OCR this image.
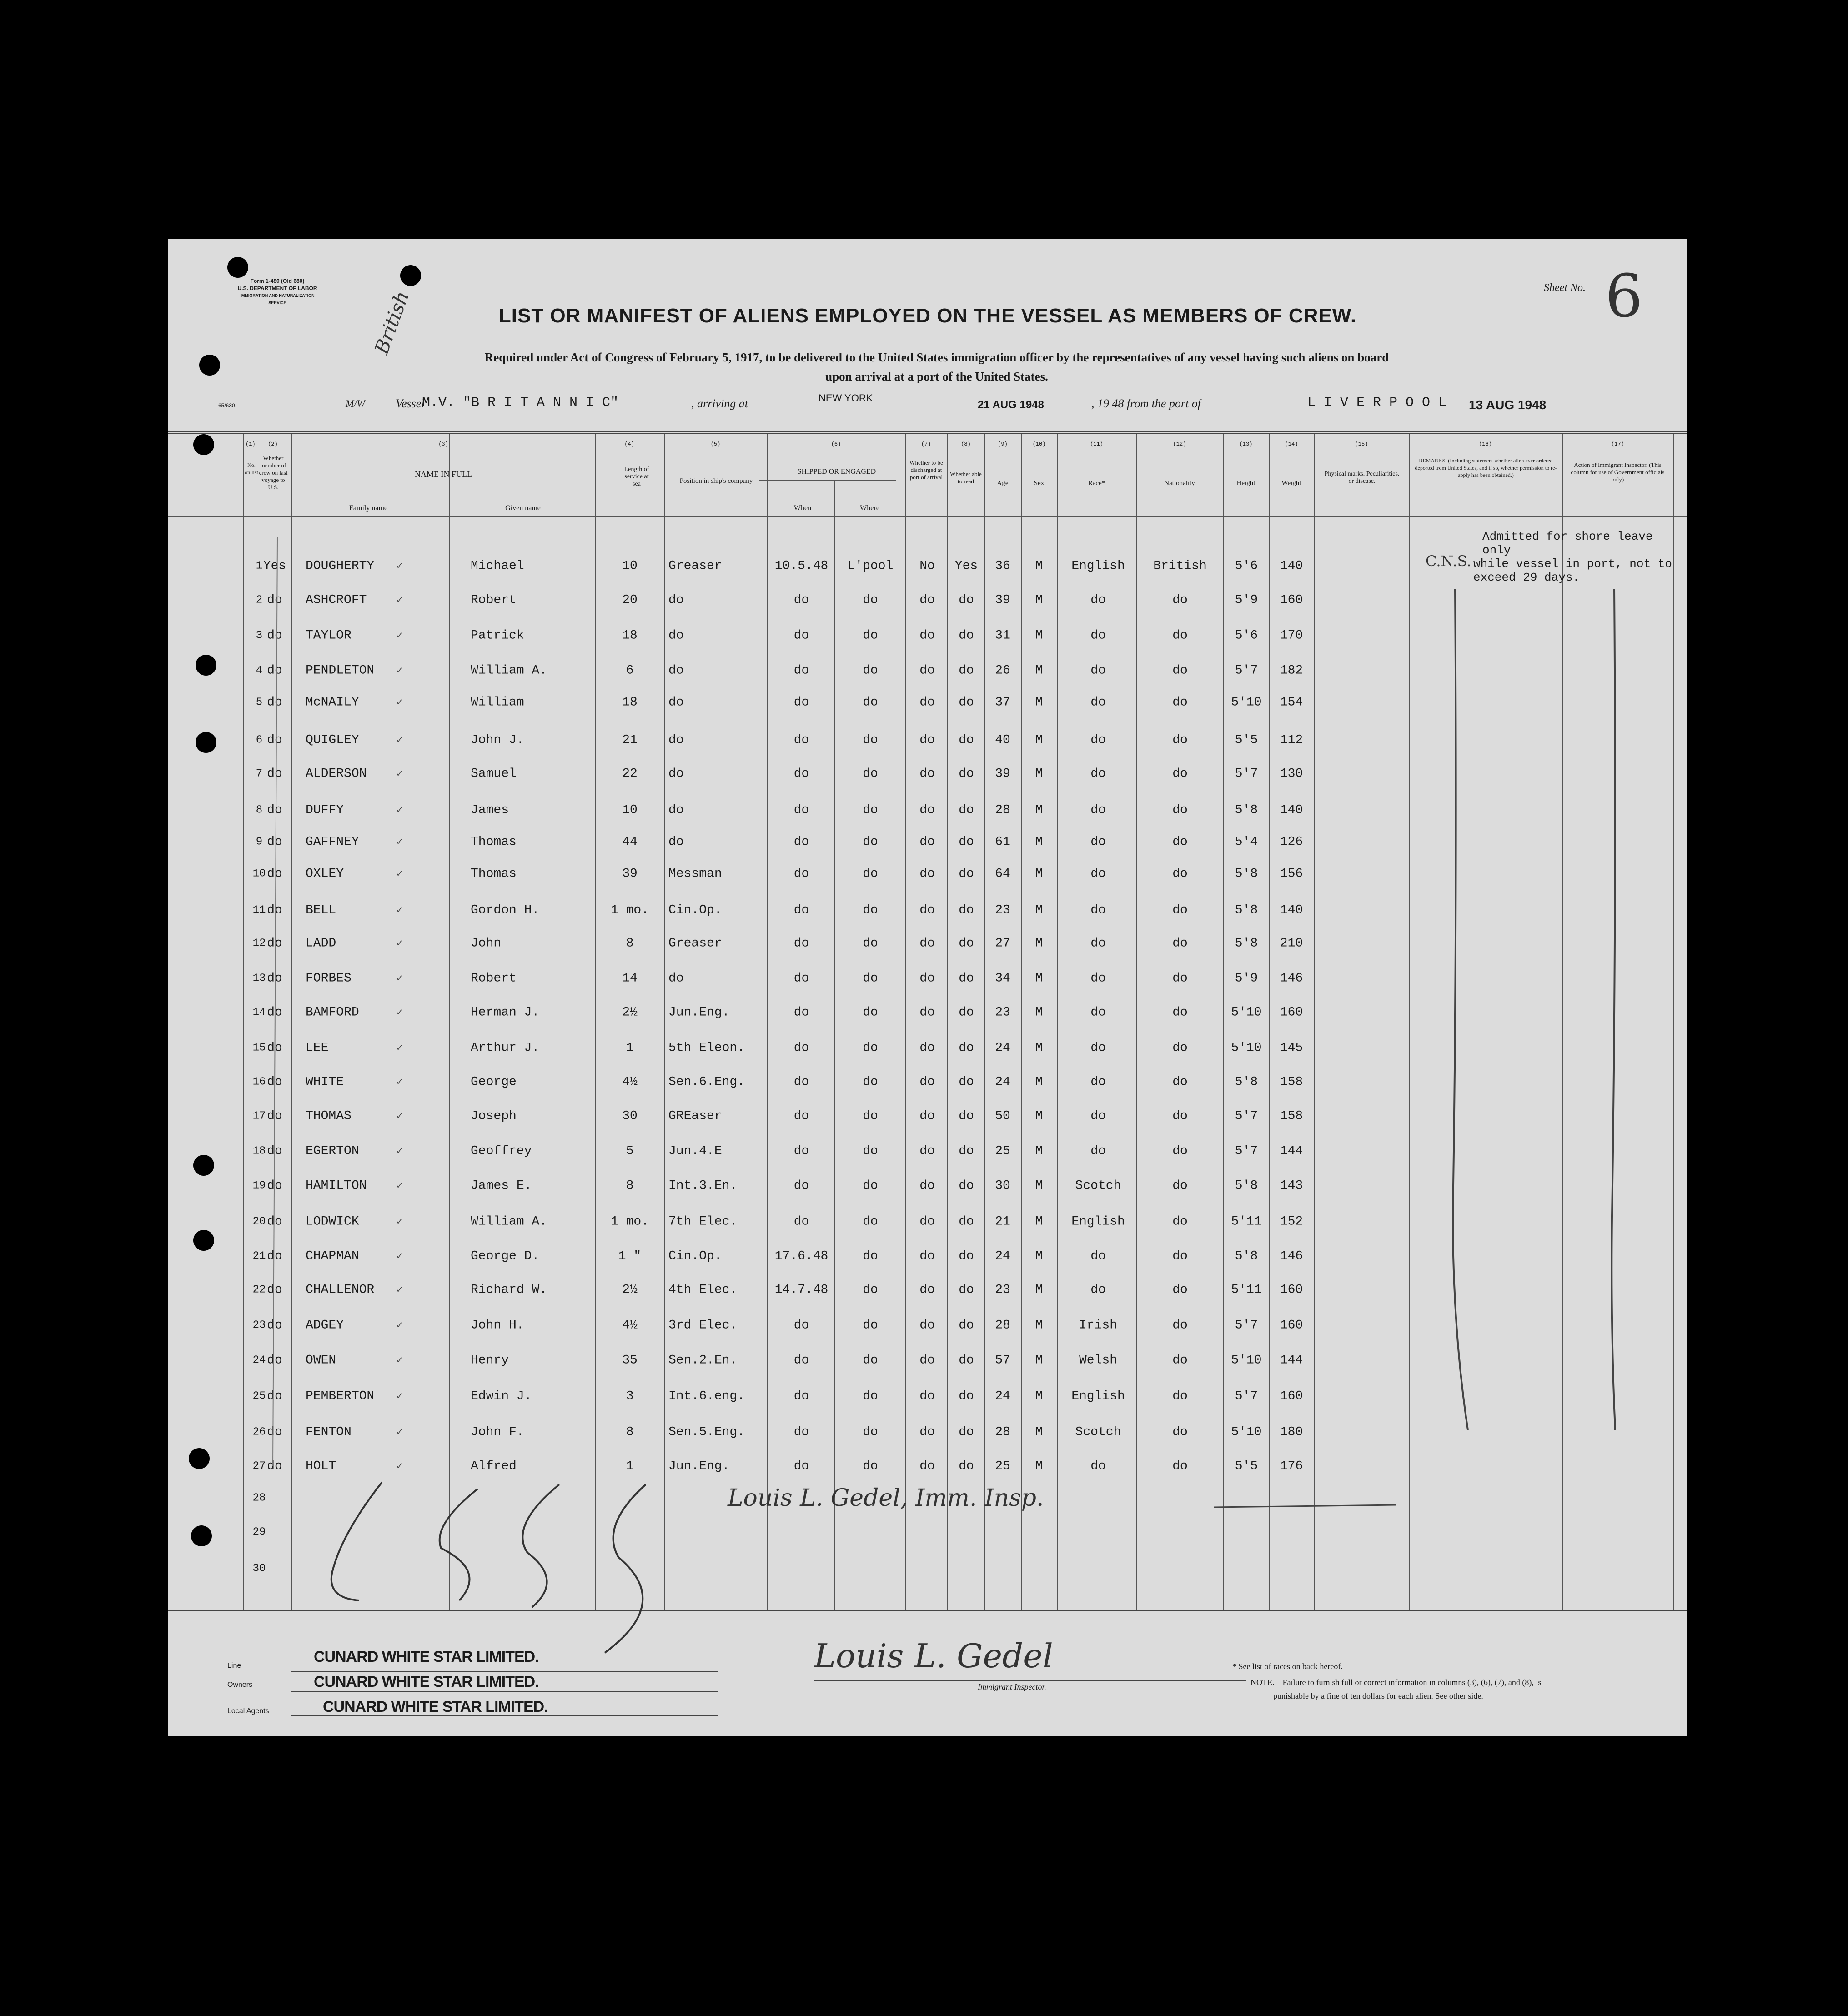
Form 1-480 (Old 680)
U.S. DEPARTMENT OF LABOR
IMMIGRATION AND NATURALIZATION SERVICE
65/630.
British
Sheet No. 6
LIST OR MANIFEST OF ALIENS EMPLOYED ON THE VESSEL AS MEMBERS OF CREW.
Required under Act of Congress of February 5, 1917, to be delivered to the United States immigration officer by the representatives of any vessel having such aliens on board
upon arrival at a port of the United States.
M/W	Vessel
M.V. "B R I T A N N I C"	, arriving at	NEW YORK
21 AUG 1948	, 19 48 from the port of	L I V E R P O O L 13 AUG 1948
(1)	(2)	(3)	(4)	(5)	(6)	(7)	(8)	(9)	(10)	(11)	(12)	(13)	(14)	(15)	(16)	(17)
No. on list
Whether member of crew on last voyage to U.S.
NAME IN FULL
Family name	Given name
Length of service at sea	Position in ship's company
SHIPPED OR ENGAGED
When	Where
Whether to be discharged at port of arrival	Whether able to read	Age	Sex	Race*	Nationality	Height	Weight
Physical marks, Peculiarities, or disease.
REMARKS. (Including statement whether alien ever ordered deported from United States, and if so, whether permission to re-apply has been obtained.)
Action of Immigrant Inspector. (This column for use of Government officials only)
1 Yes	DOUGHERTY	✓	Michael	10	Greaser	10.5.48	L'pool	No	Yes	36	M	English	British	5'6	140
2 do	ASHCROFT	✓	Robert	20	do	do	do	do	do	39	M	do	do	5'9	160
3 do	TAYLOR	✓	Patrick	18	do	do	do	do	do	31	M	do	do	5'6	170
4 do	PENDLETON	✓	William A.	6	do	do	do	do	do	26	M	do	do	5'7	182
5 do	McNAILY	✓	William	18	do	do	do	do	do	37	M	do	do	5'10	154
6 do	QUIGLEY	✓	John J.	21	do	do	do	do	do	40	M	do	do	5'5	112
7 do	ALDERSON	✓	Samuel	22	do	do	do	do	do	39	M	do	do	5'7	130
8 do	DUFFY	✓	James	10	do	do	do	do	do	28	M	do	do	5'8	140
9 do	GAFFNEY	✓	Thomas	44	do	do	do	do	do	61	M	do	do	5'4	126
10 do	OXLEY	✓	Thomas	39	Messman	do	do	do	do	64	M	do	do	5'8	156
11 do	BELL	✓	Gordon H.	1 mo.	Cin.Op.	do	do	do	do	23	M	do	do	5'8	140
12 do	LADD	✓	John	8	Greaser	do	do	do	do	27	M	do	do	5'8	210
13 do	FORBES	✓	Robert	14	do	do	do	do	do	34	M	do	do	5'9	146
14 do	BAMFORD	✓	Herman J.	2½	Jun.Eng.	do	do	do	do	23	M	do	do	5'10	160
15 do	LEE	✓	Arthur J.	1	5th Eleon.	do	do	do	do	24	M	do	do	5'10	145
16 do	WHITE	✓	George	4½	Sen.6.Eng.	do	do	do	do	24	M	do	do	5'8	158
17 do	THOMAS	✓	Joseph	30	GREaser	do	do	do	do	50	M	do	do	5'7	158
18 do	EGERTON	✓	Geoffrey	5	Jun.4.E	do	do	do	do	25	M	do	do	5'7	144
19 do	HAMILTON	✓	James E.	8	Int.3.En.	do	do	do	do	30	M	Scotch	do	5'8	143
20 do	LODWICK	✓	William A.	1 mo.	7th Elec.	do	do	do	do	21	M	English	do	5'11	152
21 do	CHAPMAN	✓	George D.	1 "	Cin.Op.	17.6.48	do	do	do	24	M	do	do	5'8	146
22 do	CHALLENOR	✓	Richard W.	2½	4th Elec.	14.7.48	do	do	do	23	M	do	do	5'11	160
23 do	ADGEY	✓	John H.	4½	3rd Elec.	do	do	do	do	28	M	Irish	do	5'7	160
24 do	OWEN	✓	Henry	35	Sen.2.En.	do	do	do	do	57	M	Welsh	do	5'10	144
25 do	PEMBERTON	✓	Edwin J.	3	Int.6.eng.	do	do	do	do	24	M	English	do	5'7	160
26 do	FENTON	✓	John F.	8	Sen.5.Eng.	do	do	do	do	28	M	Scotch	do	5'10	180
27 do	HOLT	✓	Alfred	1	Jun.Eng.	do	do	do	do	25	M	do	do	5'5	176
28
29
30
Admitted for shore leave only
while vessel in port, not to
exceed 29 days.
C.N.S.
Louis L. Gedel, Imm. Insp.
Line
Owners
Local Agents
CUNARD WHITE STAR LIMITED.
CUNARD WHITE STAR LIMITED.
CUNARD WHITE STAR LIMITED.
Louis L. Gedel
Immigrant Inspector.
* See list of races on back hereof.
NOTE.—Failure to furnish full or correct information in columns (3), (6), (7), and (8), is
punishable by a fine of ten dollars for each alien. See other side.
